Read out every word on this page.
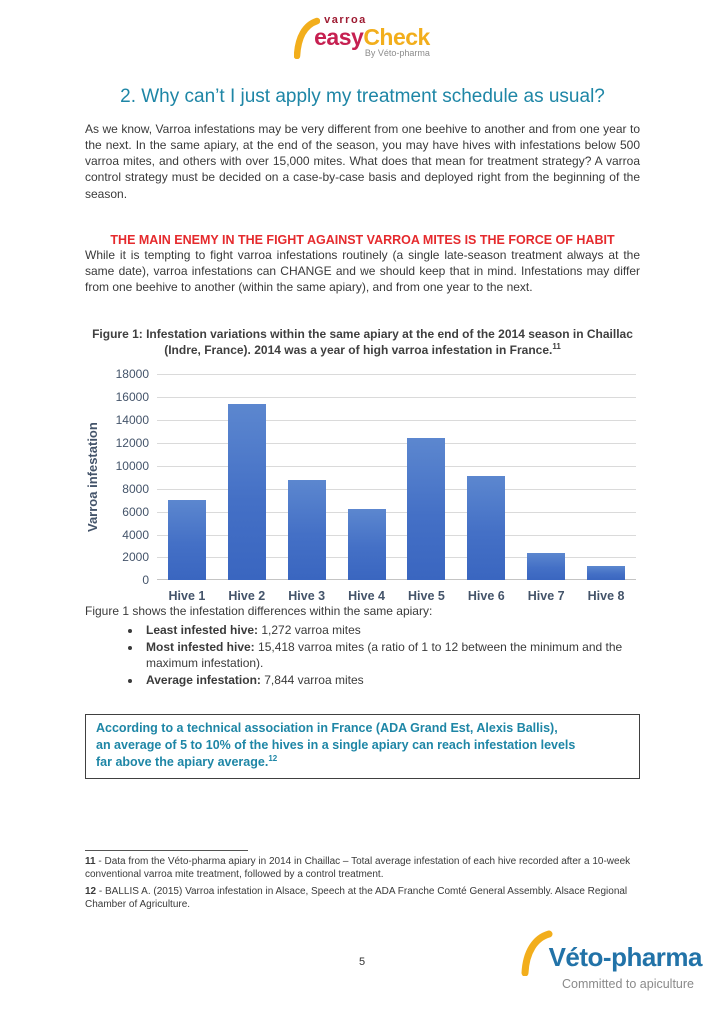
varroa
easyCheck
By Véto-pharma
2. Why can’t I just apply my treatment schedule as usual?

As we know, Varroa infestations may be very different from one beehive to another and from one year to the next. In the same apiary, at the end of the season, you may have hives with infestations below 500 varroa mites, and others with over 15,000 mites. What does that mean for treatment strategy? A varroa control strategy must be decided on a case-by-case basis and deployed right from the beginning of the season.

THE MAIN ENEMY IN THE FIGHT AGAINST VARROA MITES IS THE FORCE OF HABIT

While it is tempting to fight varroa infestations routinely (a single late-season treatment always at the same date), varroa infestations can CHANGE and we should keep that in mind. Infestations may differ from one beehive to another (within the same apiary), and from one year to the next.

Figure 1: Infestation variations within the same apiary at the end of the 2014 season in Chaillac
(Indre, France). 2014 was a year of high varroa infestation in France.$^{11}$
Varroa infestation
18000
16000
14000
12000
10000
8000
6000
4000
2000
0
Hive 1	Hive 2	Hive 3	Hive 4	Hive 5	Hive 6	Hive 7	Hive 8

Figure 1 shows the infestation differences within the same apiary:

• Least infested hive: 1,272 varroa mites
• Most infested hive: 15,418 varroa mites (a ratio of 1 to 12 between the minimum and the maximum infestation).
• Average infestation: 7,844 varroa mites
According to a technical association in France (ADA Grand Est, Alexis Ballis),
an average of 5 to 10% of the hives in a single apiary can reach infestation levels
far above the apiary average.$^{12}$

11 - Data from the Véto-pharma apiary in 2014 in Chaillac – Total average infestation of each hive recorded after a 10-week conventional varroa mite treatment, followed by a control treatment.

12 - BALLIS A. (2015) Varroa infestation in Alsace, Speech at the ADA Franche Comté General Assembly. Alsace Regional Chamber of Agriculture.

5	Véto-pharma
Committed to apiculture
